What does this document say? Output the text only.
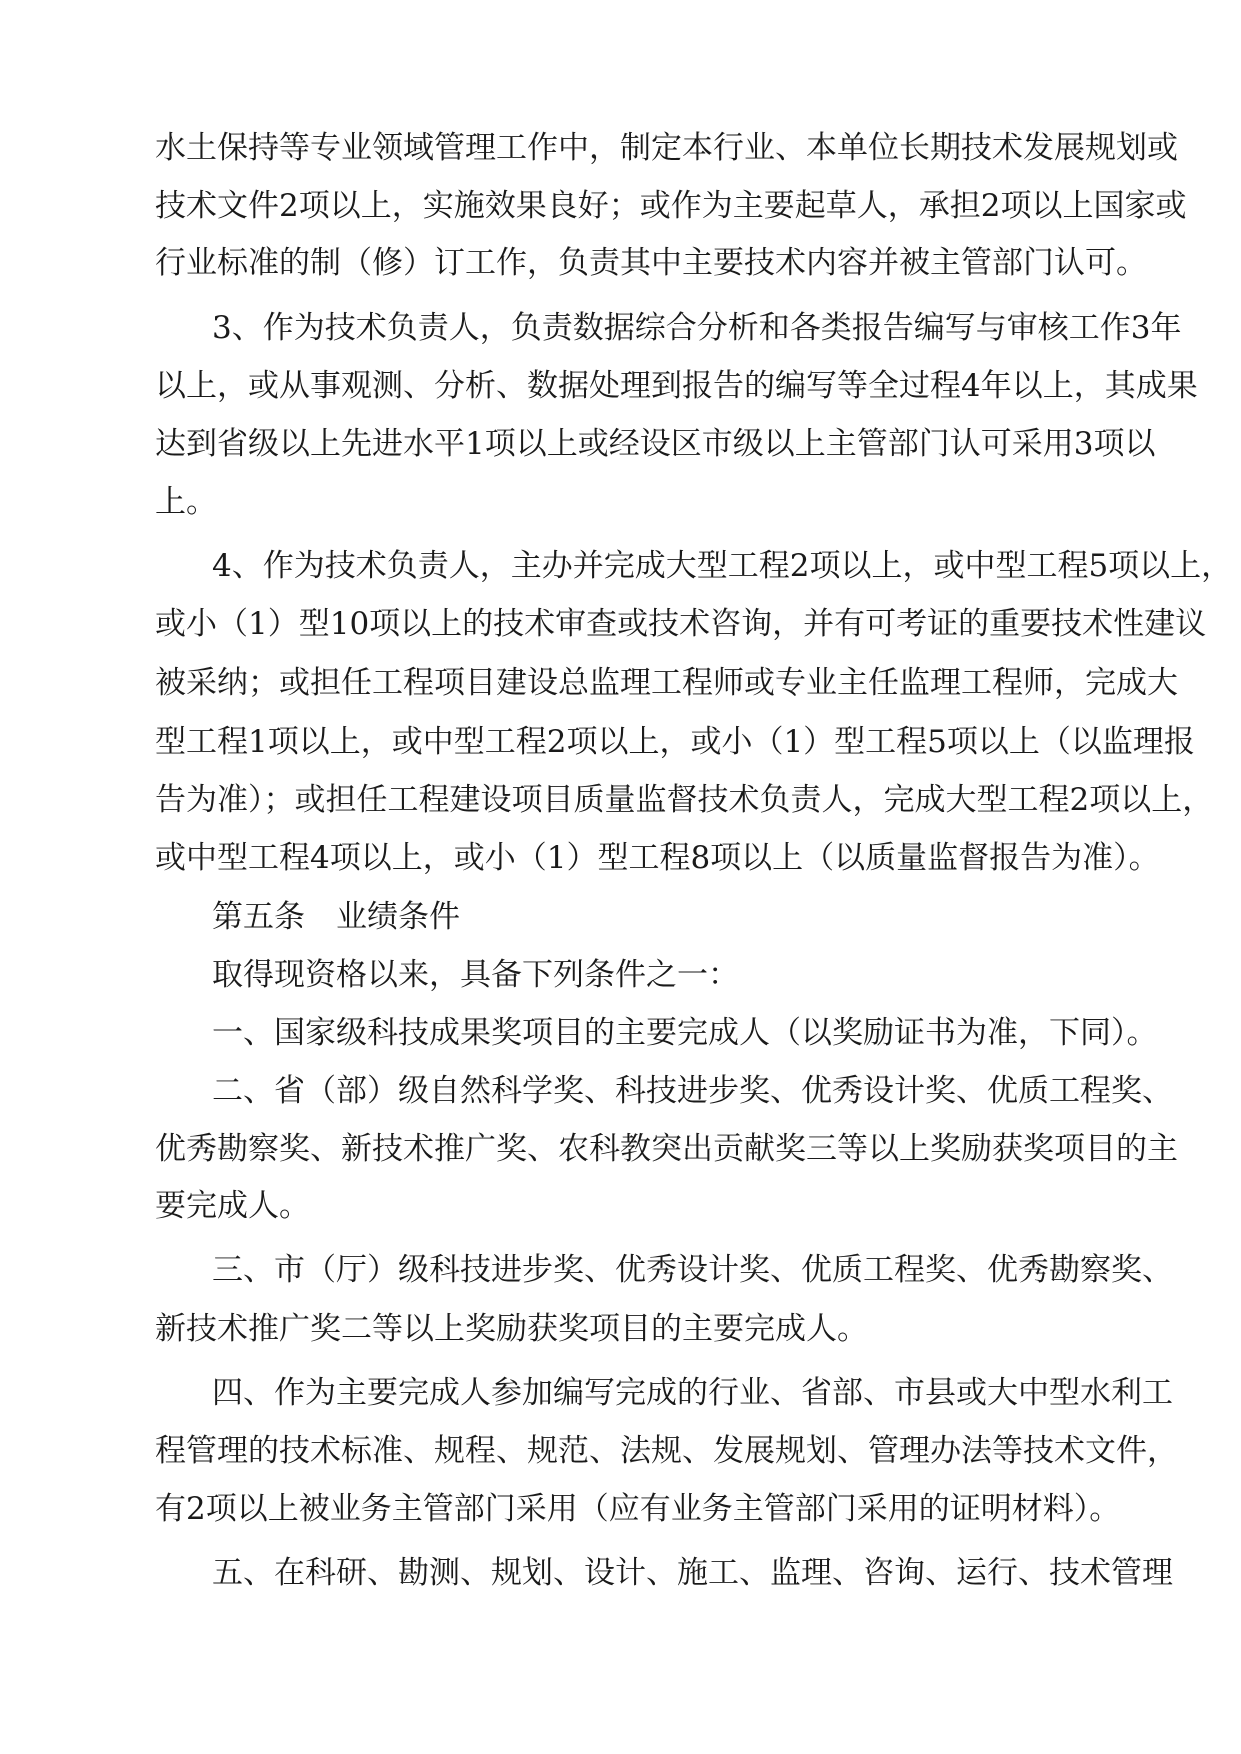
水土保持等专业领域管理工作中，制定本行业、本单位长期技术发展规划或

技术文件2项以上，实施效果良好；或作为主要起草人，承担2项以上国家或

行业标准的制（修）订工作，负责其中主要技术内容并被主管部门认可。

3、作为技术负责人，负责数据综合分析和各类报告编写与审核工作3年

以上，或从事观测、分析、数据处理到报告的编写等全过程4年以上，其成果

达到省级以上先进水平1项以上或经设区市级以上主管部门认可采用3项以

上。

4、作为技术负责人，主办并完成大型工程2项以上，或中型工程5项以上，

或小（1）型10项以上的技术审查或技术咨询，并有可考证的重要技术性建议

被采纳；或担任工程项目建设总监理工程师或专业主任监理工程师，完成大

型工程1项以上，或中型工程2项以上，或小（1）型工程5项以上（以监理报

告为准）；或担任工程建设项目质量监督技术负责人，完成大型工程2项以上，

或中型工程4项以上，或小（1）型工程8项以上（以质量监督报告为准）。

第五条　业绩条件

取得现资格以来，具备下列条件之一：

一、国家级科技成果奖项目的主要完成人（以奖励证书为准，下同）。

二、省（部）级自然科学奖、科技进步奖、优秀设计奖、优质工程奖、

优秀勘察奖、新技术推广奖、农科教突出贡献奖三等以上奖励获奖项目的主

要完成人。

三、市（厅）级科技进步奖、优秀设计奖、优质工程奖、优秀勘察奖、

新技术推广奖二等以上奖励获奖项目的主要完成人。

四、作为主要完成人参加编写完成的行业、省部、市县或大中型水利工

程管理的技术标准、规程、规范、法规、发展规划、管理办法等技术文件，

有2项以上被业务主管部门采用（应有业务主管部门采用的证明材料）。

五、在科研、勘测、规划、设计、施工、监理、咨询、运行、技术管理
